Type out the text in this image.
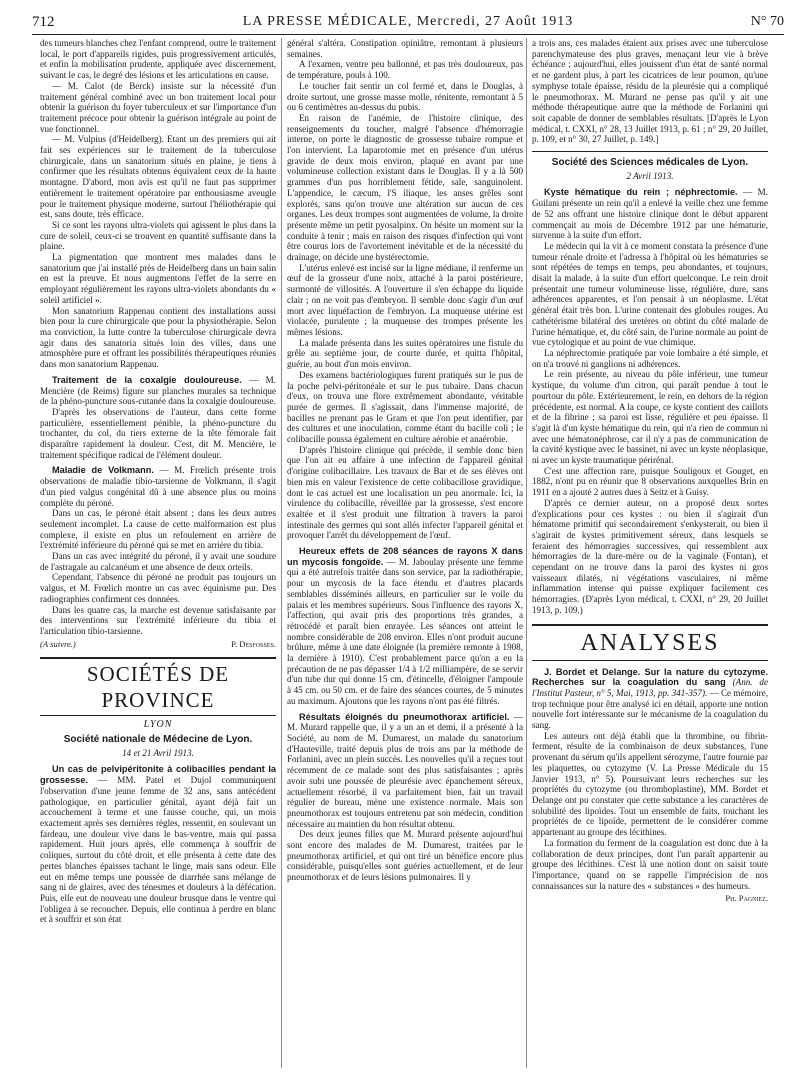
712	LA PRESSE MÉDICALE, Mercredi, 27 Août 1913	N° 70

des tumeurs blanches chez l'enfant comprend, outre le traitement local, le port d'appareils rigides, puis progressivement articulés, et enfin la mobilisation prudente, appliquée avec discernement, suivant le cas, le degré des lésions et les articulations en cause.

— M. Calot (de Berck) insiste sur la nécessité d'un traitement général combiné avec un bon traitement local pour obtenir la guérison du foyer tuberculeux et sur l'importance d'un traitement précoce pour obtenir la guérison intégrale au point de vue fonctionnel.

— M. Vulpius (d'Heidelberg). Etant un des premiers qui ait fait ses expériences sur le traitement de la tuberculose chirurgicale, dans un sanatorium situés en plaine, je tiens à confirmer que les résultats obtenus équivalent ceux de la haute montagne. D'abord, mon avis est qu'il ne faut pas supprimer entièrement le traitement opératoire par enthousiasme aveugle pour le traitement physique moderne, surtout l'héliothérapie qui est, sans doute, très efficace.

Si ce sont les rayons ultra-violets qui agissent le plus dans la cure de soleil, ceux-ci se trouvent en quantité suffisante dans la plaine.

La pigmentation que montrent mes malades dans le sanatorium que j'ai installé près de Heidelberg dans un bain salin en est la preuve. Et nous augmentons l'effet de la serre en employant régulièrement les rayons ultra-violets abondants du « soleil artificiel ».

Mon sanatorium Rappenau contient des installations aussi bien pour la cure chirurgicale que pour la physiothérapie. Selon ma conviction, la lutte contre la tuberculose chirurgicale devra agir dans des sanatoria situés loin des villes, dans une atmosphère pure et offrant les possibilités thérapeutiques réunies dans mon sanatorium Rappenau.

Traitement de la coxalgie douloureuse. — M. Mencière (de Reims) figure sur planches murales sa technique de la phéno-puncture sous-cutanée dans la coxalgie douloureuse.

D'après les observations de l'auteur, dans cette forme particulière, essentiellement pénible, la phéno-puncture du trochanter, du col, du tiers externe de la tête fémorale fait disparaître rapidement la douleur. C'est, dit M. Mencière, le traitement spécifique radical de l'élément douleur.

Maladie de Volkmann. — M. Frœlich présente trois observations de maladie tibio-tarsienne de Volkmann, il s'agit d'un pied valgus congénital dû à une absence plus ou moins complète du péroné.

Dans un cas, le péroné était absent ; dans les deux autres seulement incomplet. La cause de cette malformation est plus complexe, il existe en plus un refoulement en arrière de l'extrémité inférieure du péroné qui se met en arrière du tibia.

Dans un cas avec intégrité du péroné, il y avait une soudure de l'astragale au calcanéum et une absence de deux orteils.

Cependant, l'absence du péroné ne produit pas toujours un valgus, et M. Frœlich montre un cas avec équinisme pur. Des radiographies confirment ces données.

Dans les quatre cas, la marche est devenue satisfaisante par des interventions sur l'extrémité inférieure du tibia et l'articulation tibio-tarsienne.

(A suivre.)	P. Desfosses.
SOCIÉTÉS DE PROVINCE
LYON
Société nationale de Médecine de Lyon.
14 et 21 Avril 1913.

Un cas de pelvipéritonite à colibacilles pendant la grossesse. — MM. Patel et Dujol communiquent l'observation d'une jeune femme de 32 ans, sans antécédent pathologique, en particulier génital, ayant déjà fait un accouchement à terme et une fausse couche, qui, un mois exactement après ses dernières règles, ressentit, en soulevant un fardeau, une douleur vive dans le bas-ventre, mais qui passa rapidement. Huit jours après, elle commença à souffrir de coliques, surtout du côté droit, et elle présenta à cette date des pertes blanches épaisses tachant le linge, mais sans odeur. Elle eut en même temps une poussée de diarrhée sans mélange de sang ni de glaires, avec des ténesmes et douleurs à la défécation. Puis, elle eut de nouveau une douleur brusque dans le ventre qui l'obligea à se recoucher. Depuis, elle continua à perdre en blanc et à souffrir et son état

général s'altéra. Constipation opiniâtre, remontant à plusieurs semaines.

A l'examen, ventre peu ballonné, et pas très douloureux, pas de température, pouls à 100.

Le toucher fait sentir un col fermé et, dans le Douglas, à droite surtout, une grosse masse molle, rénitente, remontant à 5 ou 6 centimètres au-dessus du pubis.

En raison de l'anémie, de l'histoire clinique, des renseignements du toucher, malgré l'absence d'hémorragie interne, on porte le diagnostic de grossesse tubaire rompue et l'on intervient. La laparotomie met en présence d'un utérus gravide de deux mois environ, plaqué en avant par une volumineuse collection existant dans le Douglas. Il y a là 500 grammes d'un pus horriblement fétide, sale, sanguinolent. L'appendice, le cæcum, l'S iliaque, les anses grêles sont explorés, sans qu'on trouve une altération sur aucun de ces organes. Les deux trompes sont augmentées de volume, la droite présente même un petit pyosalpinx. On hésite un moment sur la conduite à tenir ; mais en raison des risques d'infection qui vont être courus lors de l'avortement inévitable et de la nécessité du drainage, on décide une hystérectomie.

L'utérus enlevé est incisé sur la ligne médiane, il renferme un œuf de la grosseur d'une noix, attaché à la paroi postérieure, surmonté de villosités. A l'ouverture il s'en échappe du liquide clair ; on ne voit pas d'embryon. Il semble donc s'agir d'un œuf mort avec liquéfaction de l'embryon. La muqueuse utérine est violacée, purulente ; la muqueuse des trompes présente les mêmes lésions.

La malade présenta dans les suites opératoires une fistule du grêle au septième jour, de courte durée, et quitta l'hôpital, guérie, au bout d'un mois environ.

Des examens bactériologiques furent pratiqués sur le pus de la poche pelvi-péritonéale et sur le pus tubaire. Dans chacun d'eux, on trouva une flore extrêmement abondante, véritable purée de germes. Il s'agissait, dans l'immense majorité, de bacilles ne prenant pas le Gram et que l'on peut identifier, par des cultures et une inoculation, comme étant du bacille coli ; le colibacille poussa également en culture aérobie et anaérobie.

D'après l'histoire clinique qui précède, il semble donc bien que l'on ait eu affaire à une infection de l'appareil génital d'origine colibacillaire. Les travaux de Bar et de ses élèves ont bien mis en valeur l'existence de cette colibacillose gravidique, dont le cas actuel est une localisation un peu anormale. Ici, la virulence du colibacille, réveillée par la grossesse, s'est encore exaltée et il s'est produit une filtration à travers la paroi intestinale des germes qui sont allés infecter l'appareil génital et provoquer l'arrêt du développement de l'œuf.

Heureux effets de 208 séances de rayons X dans un mycosis fongoïde. — M. Jaboulay présente une femme qui a été autrefois traitée dans son service, par la radiothérapie, pour un mycosis de la face étendu et d'autres placards semblables disséminés ailleurs, en particulier sur le voile du palais et les membres supérieurs. Sous l'influence des rayons X, l'affection, qui avait pris des proportions très grandes, a rétrocédé et paraît bien enrayée. Les séances ont atteint le nombre considérable de 208 environ. Elles n'ont produit aucune brûlure, même à une date éloignée (la première remonte à 1908, la dernière à 1910). C'est probablement parce qu'on a eu la précaution de ne pas dépasser 1/4 à 1/2 milliampère, de se servir d'un tube dur qui donne 15 cm. d'étincelle, d'éloigner l'ampoule à 45 cm. ou 50 cm. et de faire des séances courtes, de 5 minutes au maximum. Ajoutons que les rayons n'ont pas été filtrés.

Résultats éloignés du pneumothorax artificiel. — M. Murard rappelle que, il y a un an et demi, il a présenté à la Société, au nom de M. Dumarest, un malade du sanatorium d'Hauteville, traité depuis plus de trois ans par la méthode de Forlanini, avec un plein succès. Les nouvelles qu'il a reçues tout récemment de ce malade sont des plus satisfaisantes ; après avoir subi une poussée de pleurésie avec épanchement séreux, actuellement résorbé, il va parfaitement bien, fait un travail régulier de bureau, mène une existence normale. Mais son pneumothorax est toujours entretenu par son médecin, condition nécessaire au maintien du bon résultat obtenu.

Des deux jeunes filles que M. Murard présente aujourd'hui sont encore des malades de M. Dumarest, traitées par le pneumothorax artificiel, et qui ont tiré un bénéfice encore plus considérable, puisqu'elles sont guéries actuellement, et de leur pneumothorax et de leurs lésions pulmonaires. Il y

a trois ans, ces malades étaient aux prises avec une tuberculose parenchymateuse des plus graves, menaçant leur vie à brève échéance ; aujourd'hui, elles jouissent d'un état de santé normal et ne gardent plus, à part les cicatrices de leur poumon, qu'une symphyse totale épaisse, résidu de la pleurésie qui a compliqué le pneumothorax. M. Murard ne pense pas qu'il y ait une méthode thérapeutique autre que la méthode de Forlanini qui soit capable de donner de semblables résultats. [D'après le Lyon médical, t. CXXI, n° 28, 13 Juillet 1913, p. 61 ; n° 29, 20 Juillet, p. 109, et n° 30, 27 Juillet, p. 149.]

Société des Sciences médicales de Lyon.
2 Avril 1913.

Kyste hématique du rein ; néphrectomie. — M. Guilani présente un rein qu'il a enlevé la veille chez une femme de 52 ans offrant une histoire clinique dont le début apparent commençait au mois de Décembre 1912 par une hématurie, survenue à la suite d'un effort.

Le médecin qui la vit à ce moment constata la présence d'une tumeur rénale droite et l'adressa à l'hôpital où les hématuries se sont répétées de temps en temps, peu abondantes, et toujours, disait la malade, à la suite d'un effort quelconque. Le rein droit présentait une tumeur volumineuse lisse, régulière, dure, sans adhérences apparentes, et l'on pensait à un néoplasme. L'état général était très bon. L'urine contenait des globules rouges. Au cathétérisme bilatéral des uretères on obtint du côté malade de l'urine hématique, et, du côté sain, de l'urine normale au point de vue cytologique et au point de vue chimique.

La néphrectomie pratiquée par voie lombaire a été simple, et on n'a trouvé ni ganglions ni adhérences.

Le rein présente, au niveau du pôle inférieur, une tumeur kystique, du volume d'un citron, qui paraît pendue à tout le pourtour du pôle. Extérieurement, le rein, en dehors de la région précédente, est normal. A la coupe, ce kyste contient des caillots et de la fibrine ; sa paroi est lisse, régulière et peu épaisse. Il s'agit là d'un kyste hématique du rein, qui n'a rien de commun ni avec une hématonéphrose, car il n'y a pas de communication de la cavité kystique avec le bassinet, ni avec un kyste néoplasique, ni avec un kyste traumatique périrénal.

C'est une affection rare, puisque Souligoux et Gouget, en 1882, n'ont pu en réunir que 8 observations auxquelles Brin en 1911 en a ajouté 2 autres dues à Seitz et à Guisy.

D'après ce dernier auteur, on a proposé deux sortes d'explications pour ces kystes : ou bien il s'agirait d'un hématome primitif qui secondairement s'enkysterait, ou bien il s'agirait de kystes primitivement séreux, dans lesquels se feraient des hémorragies successives, qui ressemblent aux hémorragies de la dure-mère ou de la vaginale (Fontan), et cependant on ne trouve dans la paroi des kystes ni gros vaisseaux dilatés, ni végétations vasculaires, ni même inflammation intense qui puisse expliquer facilement ces hémorragies. (D'après Lyon médical, t. CXXI, n° 29, 20 Juillet 1913, p. 109.)

ANALYSES

J. Bordet et Delange. Sur la nature du cytozyme. Recherches sur la coagulation du sang (Ann. de l'Institut Pasteur, n° 5, Mai, 1913, pp. 341-357). — Ce mémoire, trop technique pour être analysé ici en détail, apporte une notion nouvelle fort intéressante sur le mécanisme de la coagulation du sang.

Les auteurs ont déjà établi que la thrombine, ou fibrin-ferment, résulte de la combinaison de deux substances, l'une provenant du sérum qu'ils appellent sérozyme, l'autre fournie par les plaquettes, ou cytozyme (V. La Presse Médicale du 15 Janvier 1913, n° 5). Poursuivant leurs recherches sur les propriétés du cytozyme (ou thromboplastine), MM. Bordet et Delange ont pu constater que cette substance a les caractères de solubilité des lipoïdes. Tout un ensemble de faits, touchant les propriétés de ce lipoïde, permettent de le considérer comme appartenant au groupe des lécithines.

La formation du ferment de la coagulation est donc due à la collaboration de deux principes, dont l'un paraît appartenir au groupe des lécithines. C'est là une notion dont on saisit toute l'importance, quand on se rappelle l'imprécision de nos connaissances sur la nature des « substances » des humeurs.

Ph. Pagniez.
